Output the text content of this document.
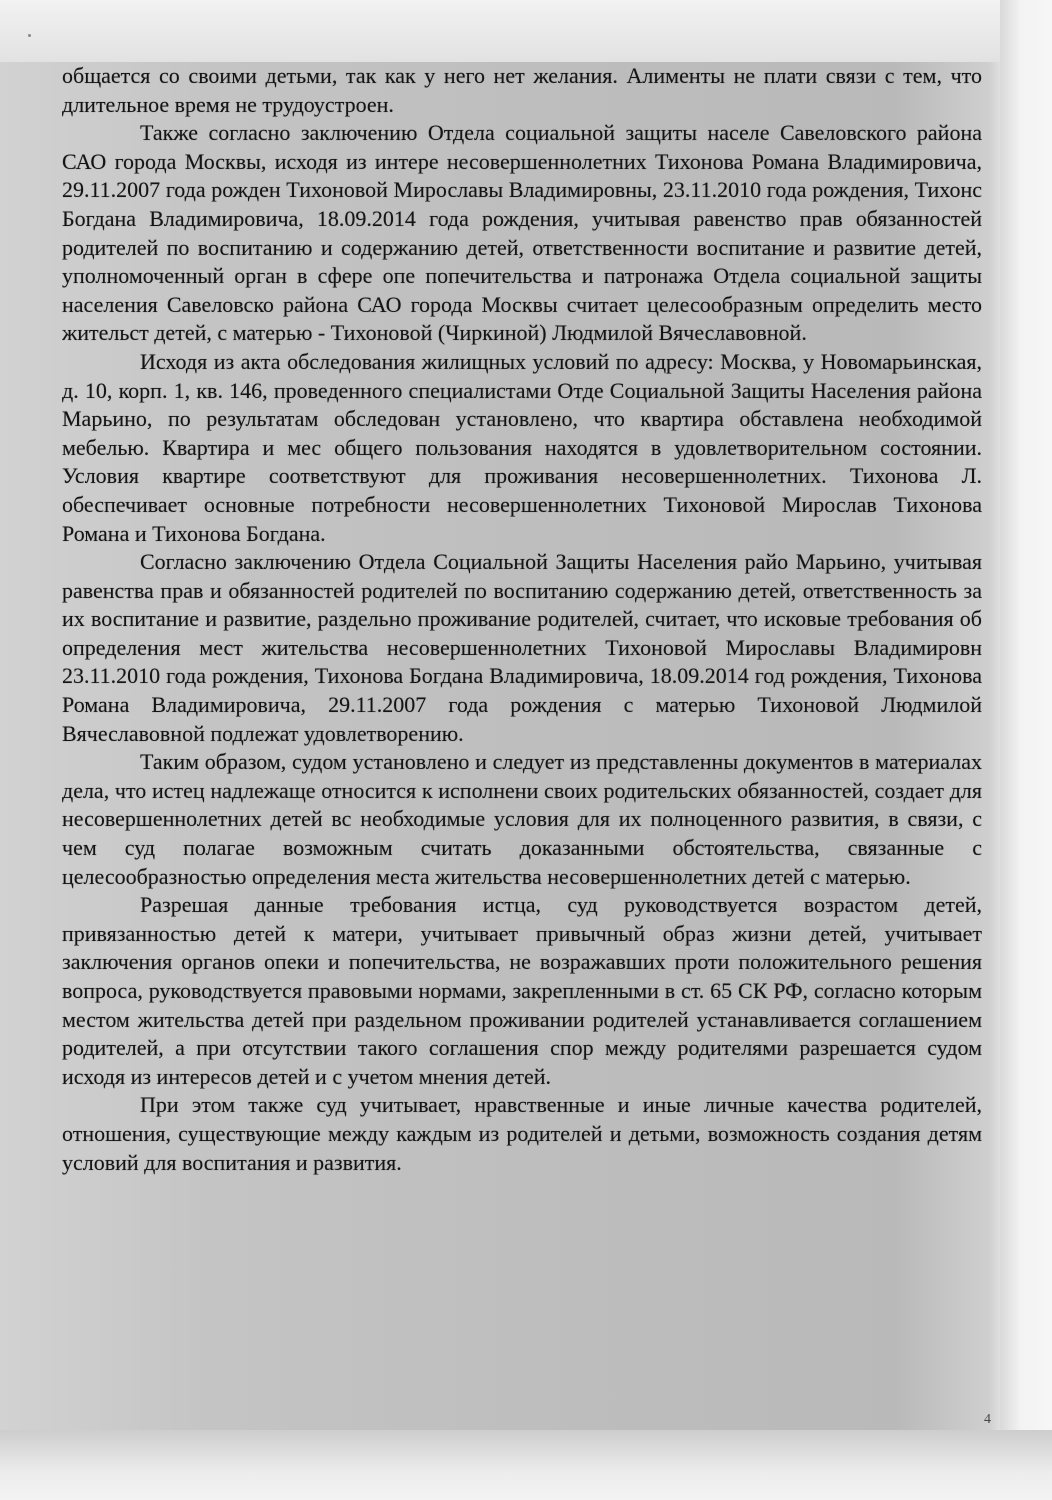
общается со своими детьми, так как у него нет желания. Алименты не плати связи с тем, что длительное время не трудоустроен.

Также согласно заключению Отдела социальной защиты населе Савеловского района САО города Москвы, исходя из интере несовершеннолетних Тихонова Романа Владимировича, 29.11.2007 года рожден Тихоновой Мирославы Владимировны, 23.11.2010 года рождения, Тихонс Богдана Владимировича, 18.09.2014 года рождения, учитывая равенство прав обязанностей родителей по воспитанию и содержанию детей, ответственности воспитание и развитие детей, уполномоченный орган в сфере опе попечительства и патронажа Отдела социальной защиты населения Савеловско района САО города Москвы считает целесообразным определить место жительст детей, с матерью - Тихоновой (Чиркиной) Людмилой Вячеславовной.

Исходя из акта обследования жилищных условий по адресу: Москва, у Новомарьинская, д. 10, корп. 1, кв. 146, проведенного специалистами Отде Социальной Защиты Населения района Марьино, по результатам обследован установлено, что квартира обставлена необходимой мебелью. Квартира и мес общего пользования находятся в удовлетворительном состоянии. Условия квартире соответствуют для проживания несовершеннолетних. Тихонова Л. обеспечивает основные потребности несовершеннолетних Тихоновой Мирослав Тихонова Романа и Тихонова Богдана.

Согласно заключению Отдела Социальной Защиты Населения райо Марьино, учитывая равенства прав и обязанностей родителей по воспитанию содержанию детей, ответственность за их воспитание и развитие, раздельно проживание родителей, считает, что исковые требования об определения мест жительства несовершеннолетних Тихоновой Мирославы Владимировн 23.11.2010 года рождения, Тихонова Богдана Владимировича, 18.09.2014 год рождения, Тихонова Романа Владимировича, 29.11.2007 года рождения с матерью Тихоновой Людмилой Вячеславовной подлежат удовлетворению.

Таким образом, судом установлено и следует из представленны документов в материалах дела, что истец надлежаще относится к исполнени своих родительских обязанностей, создает для несовершеннолетних детей вс необходимые условия для их полноценного развития, в связи, с чем суд полагае возможным считать доказанными обстоятельства, связанные с целесообразностью определения места жительства несовершеннолетних детей с матерью.

Разрешая данные требования истца, суд руководствуется возрастом детей, привязанностью детей к матери, учитывает привычный образ жизни детей, учитывает заключения органов опеки и попечительства, не возражавших проти положительного решения вопроса, руководствуется правовыми нормами, закрепленными в ст. 65 СК РФ, согласно которым местом жительства детей при раздельном проживании родителей устанавливается соглашением родителей, а при отсутствии такого соглашения спор между родителями разрешается судом исходя из интересов детей и с учетом мнения детей.

При этом также суд учитывает, нравственные и иные личные качества родителей, отношения, существующие между каждым из родителей и детьми, возможность создания детям условий для воспитания и развития.

4
